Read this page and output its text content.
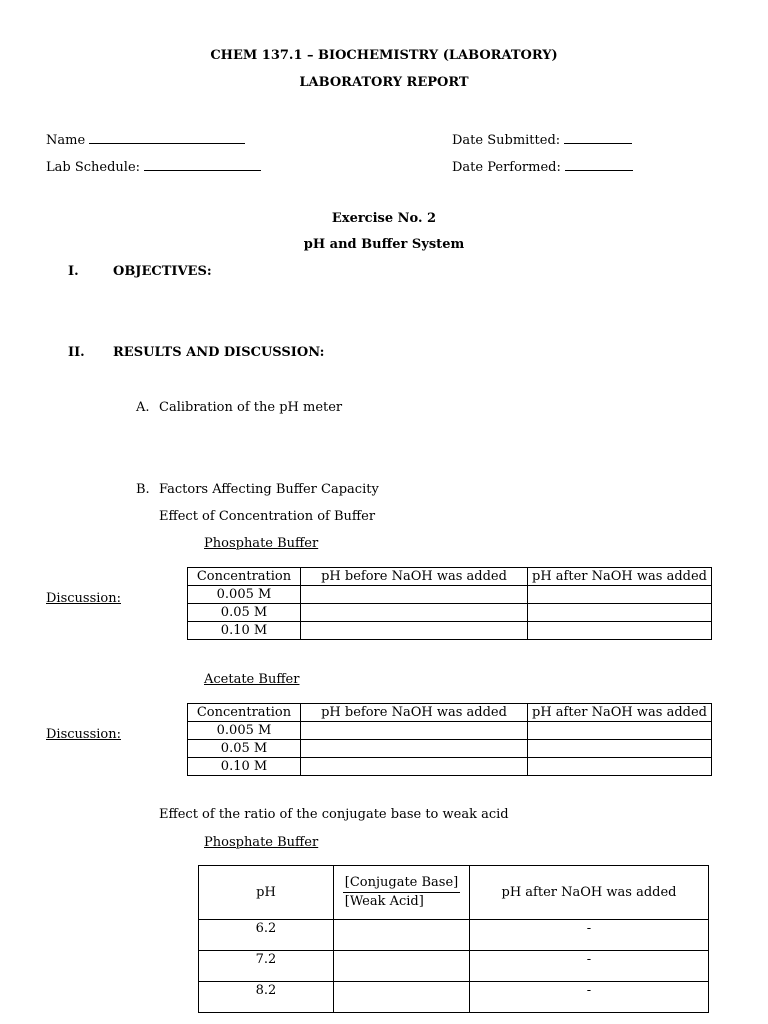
CHEM 137.1 – BIOCHEMISTRY (LABORATORY)
LABORATORY REPORT
Name
Lab Schedule:
Date Submitted:
Date Performed:
Exercise No. 2
pH and Buffer System
I.	OBJECTIVES:
II. RESULTS AND DISCUSSION:
A. Calibration of the pH meter
B. Factors Affecting Buffer Capacity
Effect of Concentration of Buffer
Phosphate Buffer
Discussion:
Concentration	pH before NaOH was added	pH after NaOH was added
0.005 M		
0.05 M		
0.10 M		
Acetate Buffer
Discussion:
Concentration	pH before NaOH was added	pH after NaOH was added
0.005 M		
0.05 M		
0.10 M		
Effect of the ratio of the conjugate base to weak acid
Phosphate Buffer
pH	$\frac{\text{[Conjugate Base]}}{\text{[Weak Acid]}}$	pH after NaOH was added
6.2		-
7.2		-
8.2		-
